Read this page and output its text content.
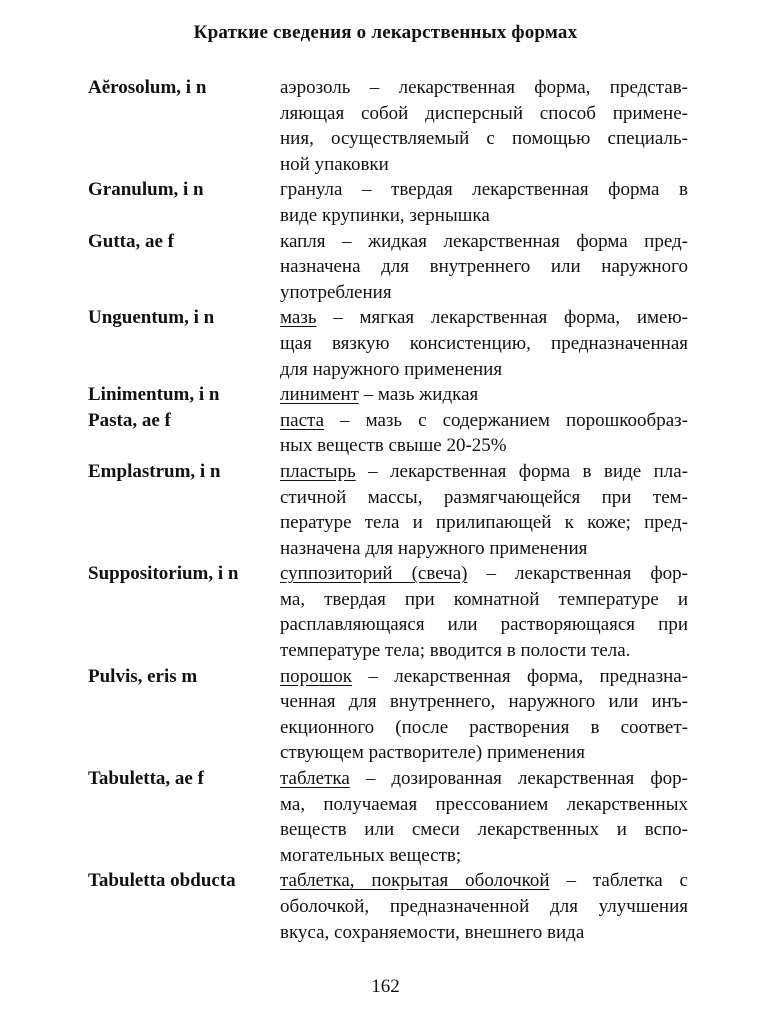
Краткие сведения о лекарственных формах
Aĕrosolum, i n	аэрозоль – лекарственная форма, представ-
ляющая собой дисперсный способ примене-
ния, осуществляемый с помощью специаль-
ной упаковки
Granulum, i n	гранула – твердая лекарственная форма в
виде крупинки, зернышка
Gutta, ae f	капля – жидкая лекарственная форма пред-
назначена для внутреннего или наружного
употребления
Unguentum, i n	мазь – мягкая лекарственная форма, имею-
щая вязкую консистенцию, предназначенная
для наружного применения
Linimentum, i n	линимент – мазь жидкая
Pasta, ae f	паста – мазь с содержанием порошкообраз-
ных веществ свыше 20-25%
Emplastrum, i n	пластырь – лекарственная форма в виде пла-
стичной массы, размягчающейся при тем-
пературе тела и прилипающей к коже; пред-
назначена для наружного применения
Suppositorium, i n	суппозиторий (свеча) – лекарственная фор-
ма, твердая при комнатной температуре и
расплавляющаяся или растворяющаяся при
температуре тела; вводится в полости тела.
Pulvis, eris m	порошок – лекарственная форма, предназна-
ченная для внутреннего, наружного или инъ-
екционного (после растворения в соответ-
ствующем растворителе) применения
Tabuletta, ae f	таблетка – дозированная лекарственная фор-
ма, получаемая прессованием лекарственных
веществ или смеси лекарственных и вспо-
могательных веществ;
Tabuletta obducta	таблетка, покрытая оболочкой – таблетка с
оболочкой, предназначенной для улучшения
вкуса, сохраняемости, внешнего вида
162
